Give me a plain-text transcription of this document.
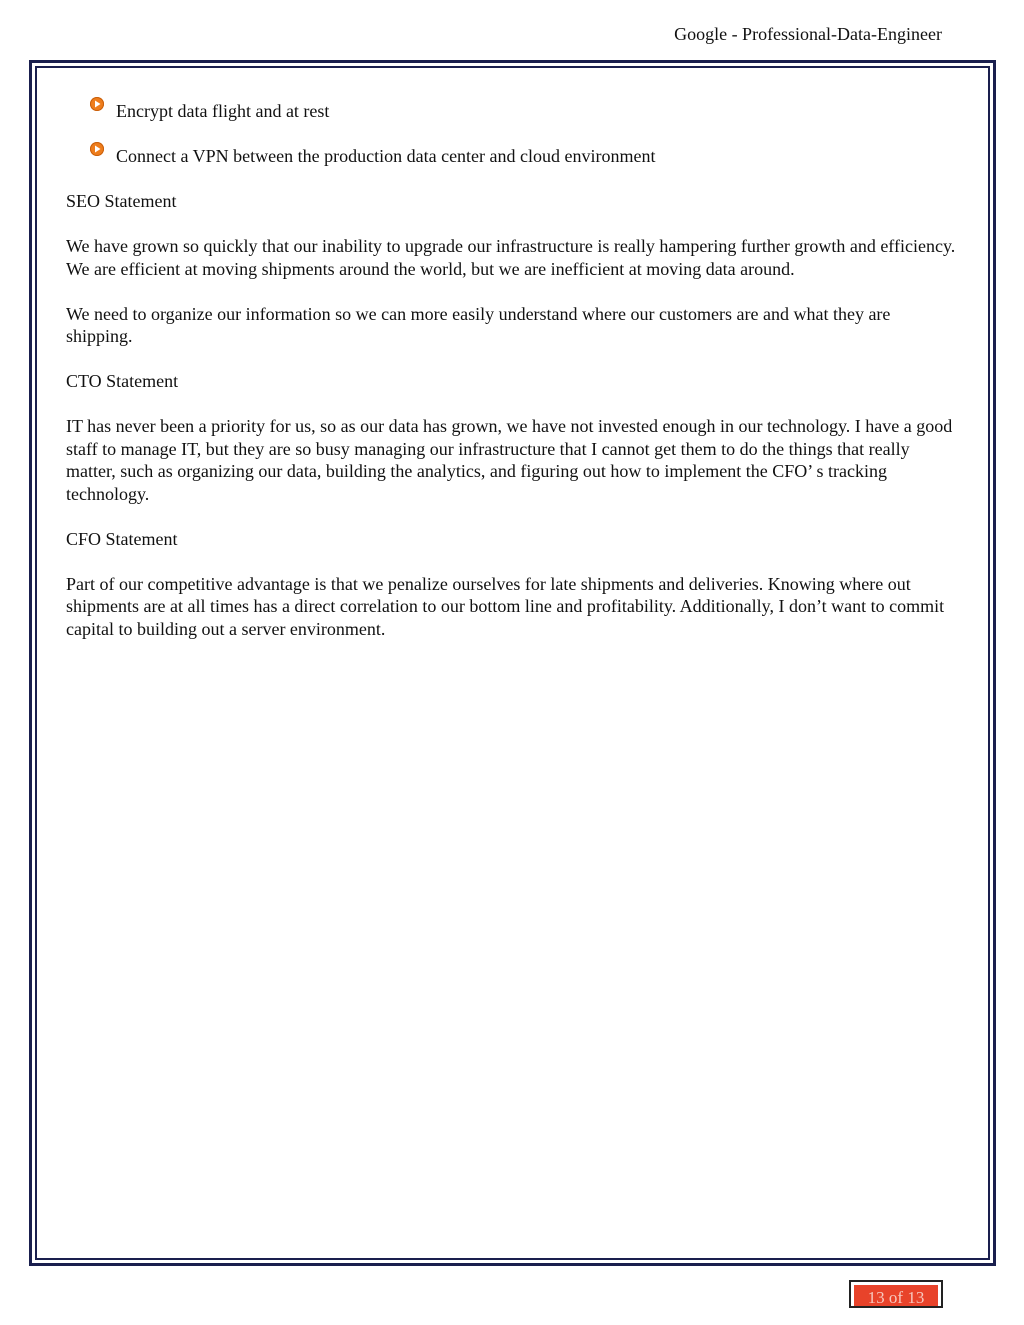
Google - Professional-Data-Engineer
Encrypt data flight and at rest
Connect a VPN between the production data center and cloud environment

SEO Statement

We have grown so quickly that our inability to upgrade our infrastructure is really hampering further growth and efficiency. We are efficient at moving shipments around the world, but we are inefficient at moving data around.

We need to organize our information so we can more easily understand where our customers are and what they are shipping.

CTO Statement

IT has never been a priority for us, so as our data has grown, we have not invested enough in our technology. I have a good staff to manage IT, but they are so busy managing our infrastructure that I cannot get them to do the things that really matter, such as organizing our data, building the analytics, and figuring out how to implement the CFO’ s tracking technology.

CFO Statement

Part of our competitive advantage is that we penalize ourselves for late shipments and deliveries. Knowing where out shipments are at all times has a direct correlation to our bottom line and profitability. Additionally, I don’t want to commit capital to building out a server environment.

13 of 13
